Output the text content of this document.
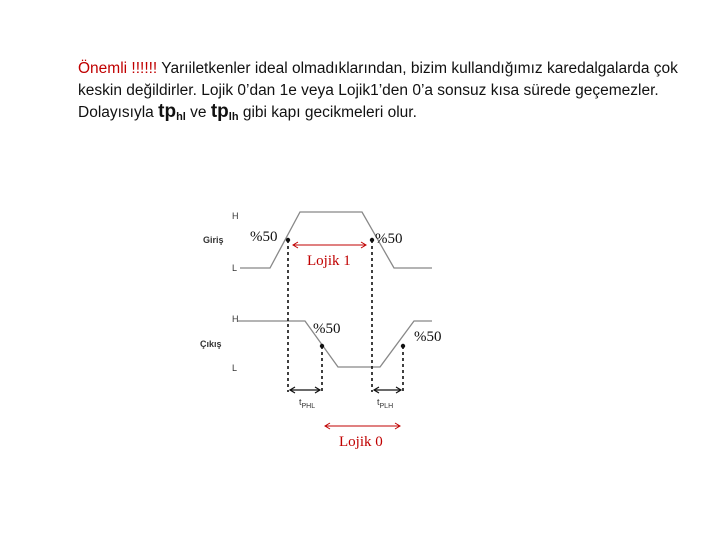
Önemli !!!!!! Yarıiletkenler ideal olmadıklarından, bizim kullandığımız karedalgalarda çok keskin değildirler. Lojik 0’dan 1e veya Lojik1’den 0’a sonsuz kısa sürede geçemezler. Dolayısıyla $tp_{hl}$ ve $tp_{lh}$ gibi kapı gecikmeleri olur.
H
Giriş
L
H
Çıkış
L
%50	%50
%50	%50
Lojik 1
Lojik 0
tPHL	tPLH
